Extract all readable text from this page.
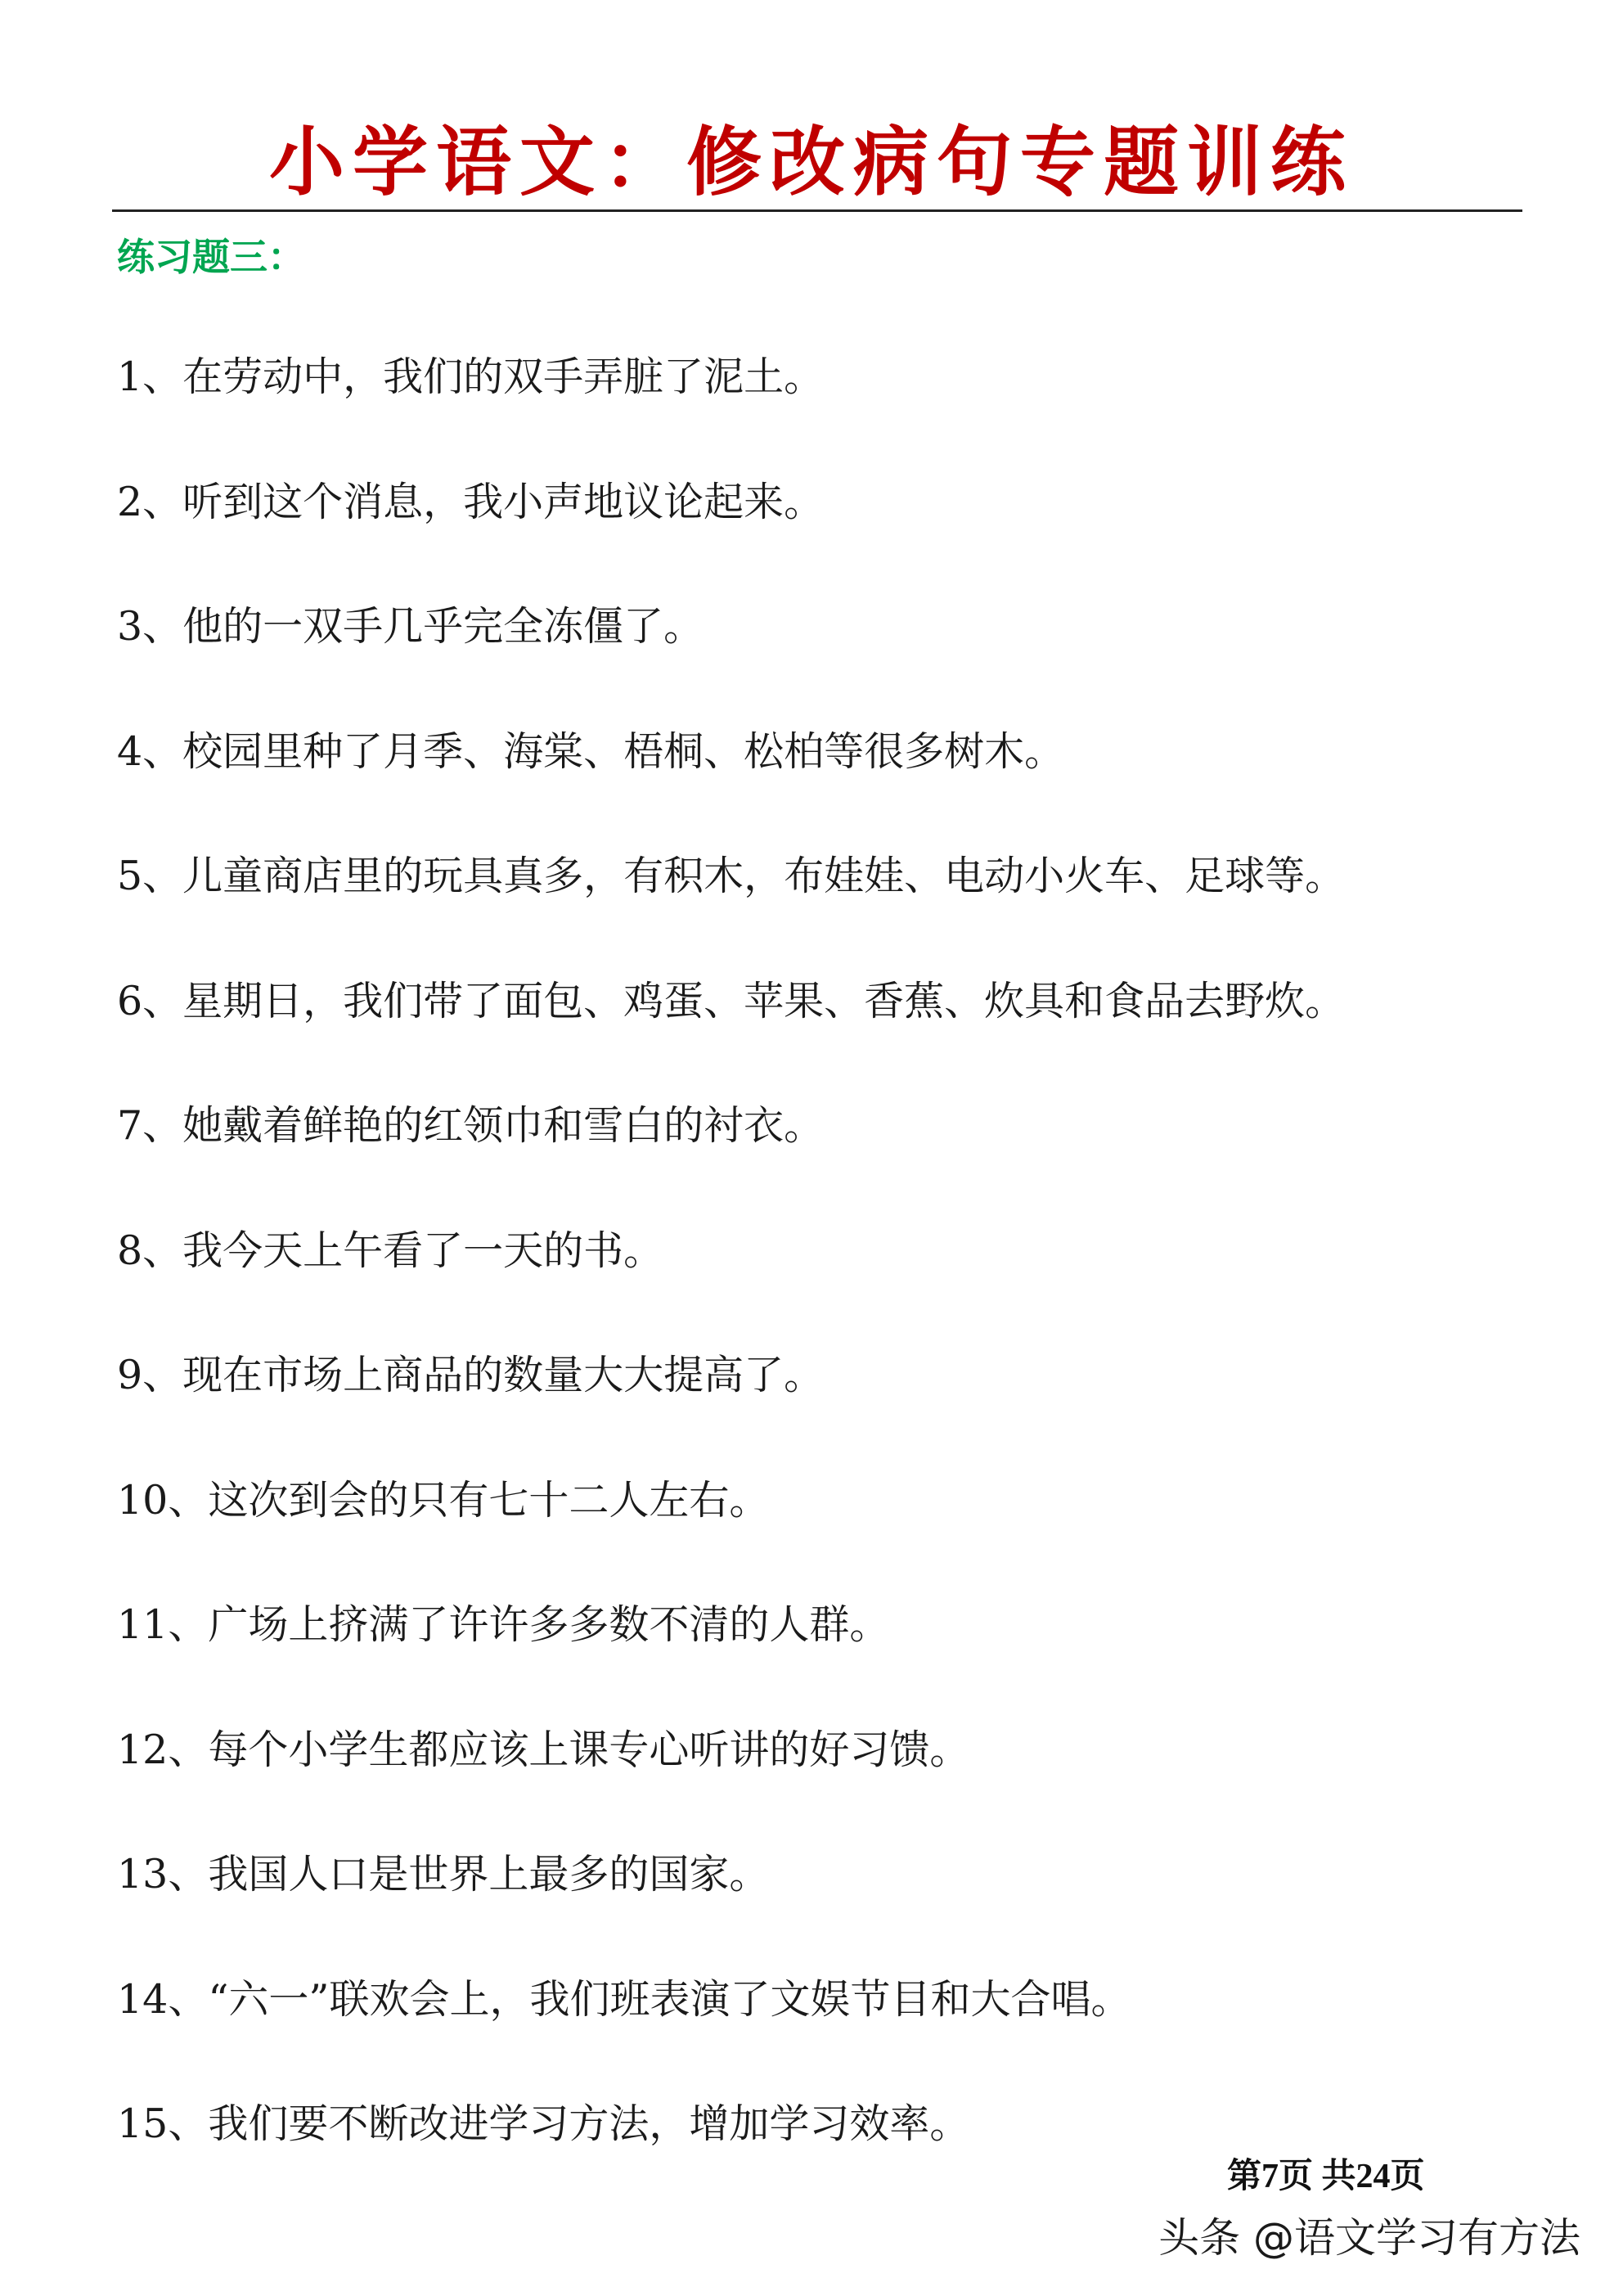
小学语文：修改病句专题训练
练习题三：
1、在劳动中，我们的双手弄脏了泥土。
2、听到这个消息，我小声地议论起来。
3、他的一双手几乎完全冻僵了。
4、校园里种了月季、海棠、梧桐、松柏等很多树木。
5、儿童商店里的玩具真多，有积木，布娃娃、电动小火车、足球等。
6、星期日，我们带了面包、鸡蛋、苹果、香蕉、炊具和食品去野炊。
7、她戴着鲜艳的红领巾和雪白的衬衣。
8、我今天上午看了一天的书。
9、现在市场上商品的数量大大提高了。
10、这次到会的只有七十二人左右。
11、广场上挤满了许许多多数不清的人群。
12、每个小学生都应该上课专心听讲的好习馈。
13、我国人口是世界上最多的国家。
14、“六一”联欢会上，我们班表演了文娱节目和大合唱。
15、我们要不断改进学习方法，增加学习效率。
第7页 共24页
头条 @语文学习有方法
